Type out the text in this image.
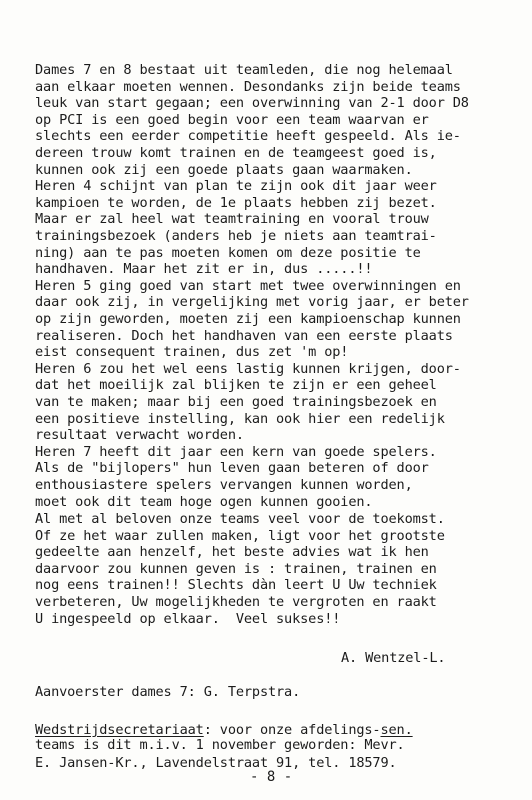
Dames 7 en 8 bestaat uit teamleden, die nog helemaal
aan elkaar moeten wennen. Desondanks zijn beide teams
leuk van start gegaan; een overwinning van 2-1 door D8
op PCI is een goed begin voor een team waarvan er
slechts een eerder competitie heeft gespeeld. Als ie-
dereen trouw komt trainen en de teamgeest goed is,
kunnen ook zij een goede plaats gaan waarmaken.
Heren 4 schijnt van plan te zijn ook dit jaar weer
kampioen te worden, de 1e plaats hebben zij bezet.
Maar er zal heel wat teamtraining en vooral trouw
trainingsbezoek (anders heb je niets aan teamtrai-
ning) aan te pas moeten komen om deze positie te
handhaven. Maar het zit er in, dus .....!!
Heren 5 ging goed van start met twee overwinningen en
daar ook zij, in vergelijking met vorig jaar, er beter
op zijn geworden, moeten zij een kampioenschap kunnen
realiseren. Doch het handhaven van een eerste plaats
eist consequent trainen, dus zet 'm op!
Heren 6 zou het wel eens lastig kunnen krijgen, door-
dat het moeilijk zal blijken te zijn er een geheel
van te maken; maar bij een goed trainingsbezoek en
een positieve instelling, kan ook hier een redelijk
resultaat verwacht worden.
Heren 7 heeft dit jaar een kern van goede spelers.
Als de "bijlopers" hun leven gaan beteren of door
enthousiastere spelers vervangen kunnen worden,
moet ook dit team hoge ogen kunnen gooien.
Al met al beloven onze teams veel voor de toekomst.
Of ze het waar zullen maken, ligt voor het grootste
gedeelte aan henzelf, het beste advies wat ik hen
daarvoor zou kunnen geven is : trainen, trainen en
nog eens trainen!! Slechts dàn leert U Uw techniek
verbeteren, Uw mogelijkheden te vergroten en raakt
U ingespeeld op elkaar.  Veel sukses!!
A. Wentzel-L.
Aanvoerster dames 7: G. Terpstra.
Wedstrijdsecretariaat: voor onze afdelings-sen.
teams is dit m.i.v. 1 november geworden: Mevr.
E. Jansen-Kr., Lavendelstraat 91, tel. 18579.
- 8 -
